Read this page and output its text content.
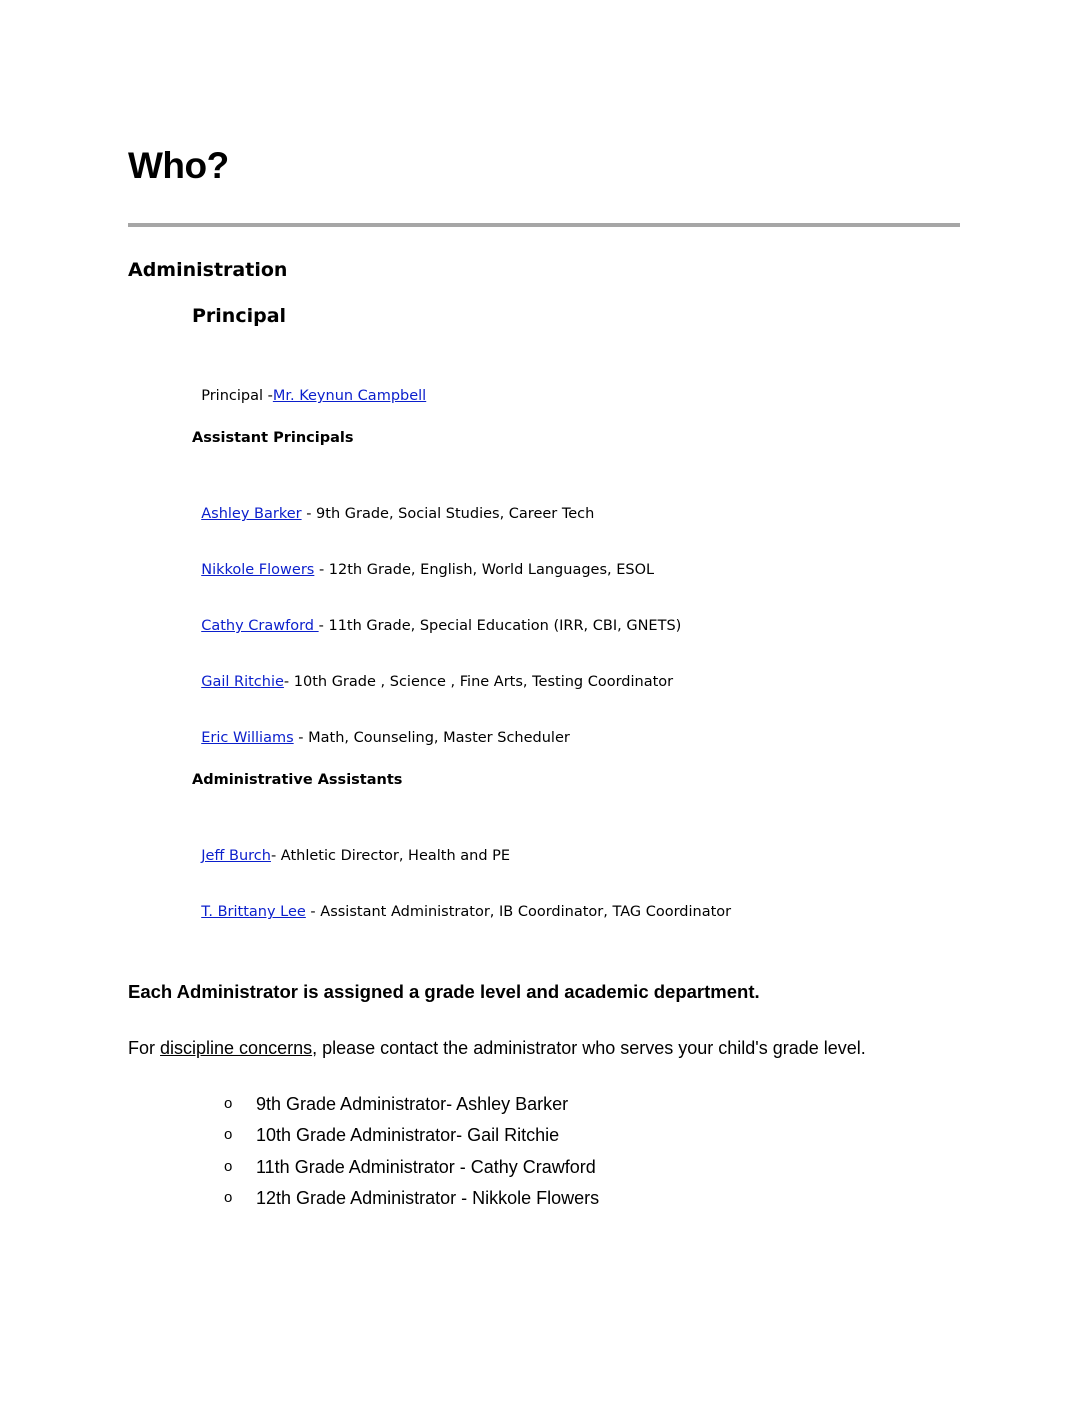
Who?
Administration
Principal

Principal -Mr. Keynun Campbell

Assistant Principals

Ashley Barker - 9th Grade, Social Studies, Career Tech

Nikkole Flowers - 12th Grade, English, World Languages, ESOL

Cathy Crawford - 11th Grade, Special Education (IRR, CBI, GNETS)

Gail Ritchie- 10th Grade , Science , Fine Arts, Testing Coordinator

Eric Williams - Math, Counseling, Master Scheduler

Administrative Assistants

Jeff Burch- Athletic Director, Health and PE

T. Brittany Lee - Assistant Administrator, IB Coordinator, TAG Coordinator

Each Administrator is assigned a grade level and academic department.

For discipline concerns, please contact the administrator who serves your child's grade level.

o	9th Grade Administrator- Ashley Barker
o	10th Grade Administrator- Gail Ritchie
o	11th Grade Administrator - Cathy Crawford
o	12th Grade Administrator - Nikkole Flowers
